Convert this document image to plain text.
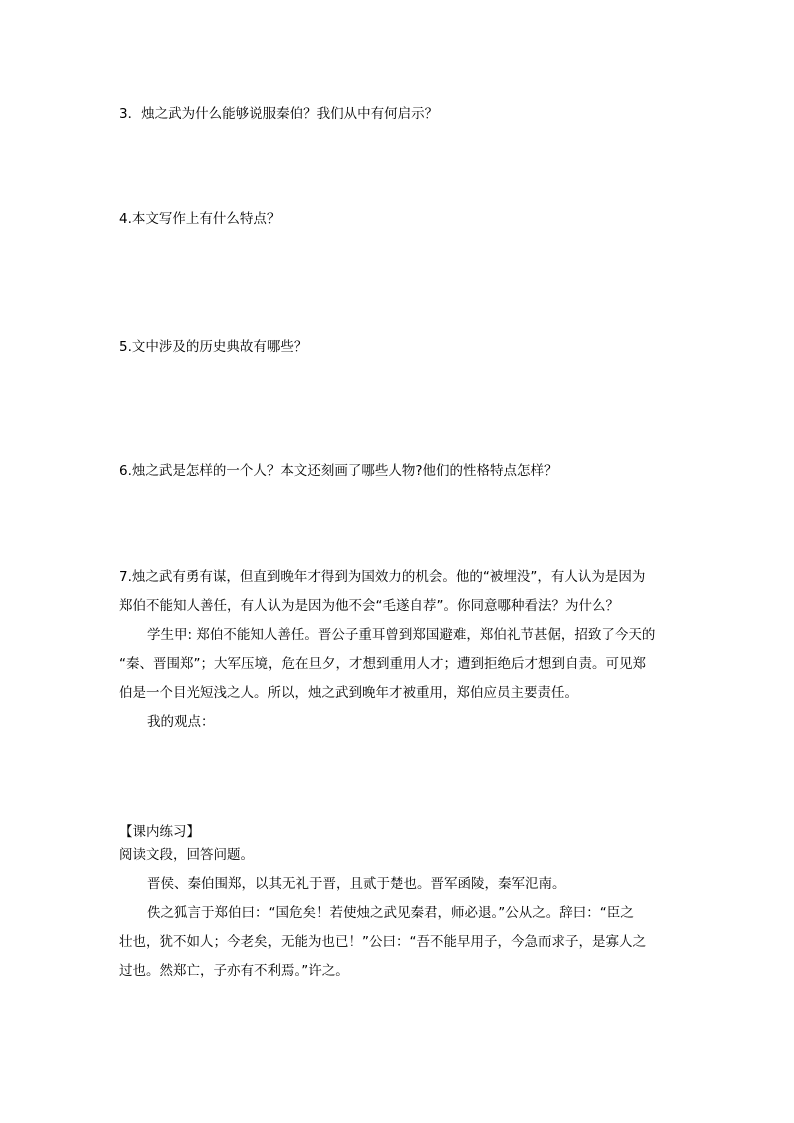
3．烛之武为什么能够说服秦伯？我们从中有何启示？
4.本文写作上有什么特点？
5.文中涉及的历史典故有哪些？
6.烛之武是怎样的一个人？本文还刻画了哪些人物?他们的性格特点怎样？
7.烛之武有勇有谋，但直到晚年才得到为国效力的机会。他的“被埋没”，有人认为是因为
郑伯不能知人善任，有人认为是因为他不会“毛遂自荐”。你同意哪种看法？为什么？
学生甲: 郑伯不能知人善任。晋公子重耳曾到郑国避难，郑伯礼节甚倨，招致了今天的
“秦、晋围郑”；大军压境，危在旦夕，才想到重用人才；遭到拒绝后才想到自责。可见郑
伯是一个目光短浅之人。所以，烛之武到晚年才被重用，郑伯应员主要责任。
我的观点：
【课内练习】
阅读文段，回答问题。
晋侯、秦伯围郑，以其无礼于晋，且贰于楚也。晋军函陵，秦军氾南。
佚之狐言于郑伯曰：“国危矣！若使烛之武见秦君，师必退。”公从之。辞曰：“臣之
壮也，犹不如人；今老矣，无能为也已！”公曰：“吾不能早用子，今急而求子，是寡人之
过也。然郑亡，子亦有不利焉。”许之。
